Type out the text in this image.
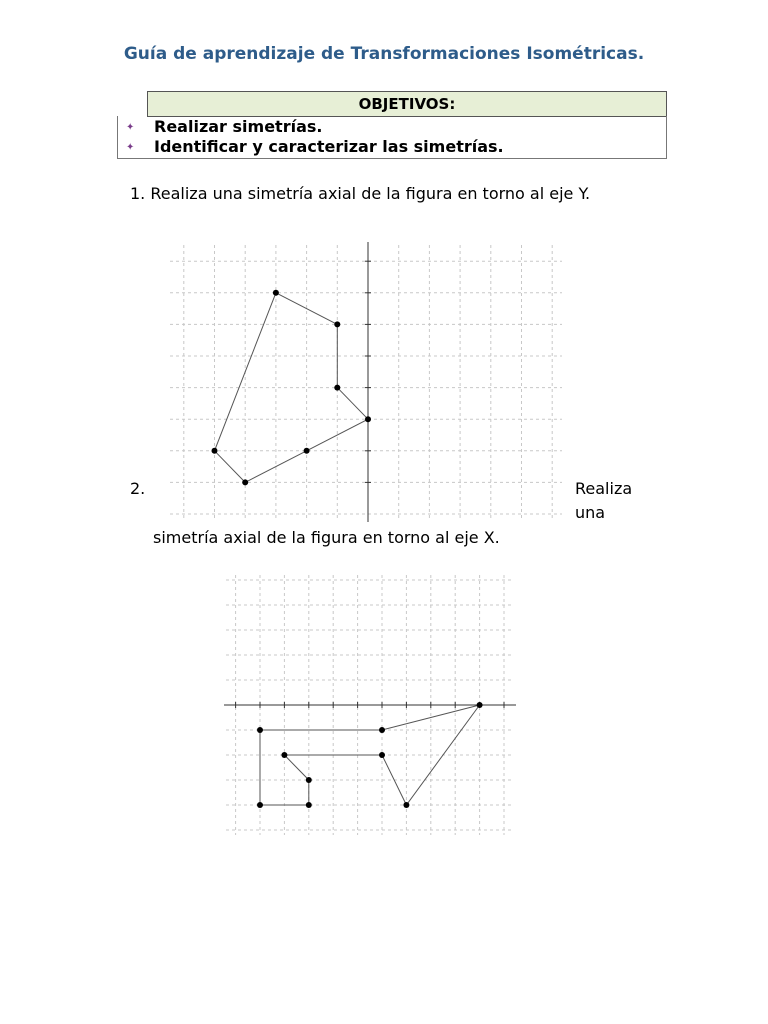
Guía de aprendizaje de Transformaciones Isométricas.
OBJETIVOS:
✦ Realizar simetrías.
✦ Identificar y caracterizar las simetrías.
1. Realiza una simetría axial de la figura en torno al eje Y.
2.	Realiza
una
simetría axial de la figura en torno al eje X.
